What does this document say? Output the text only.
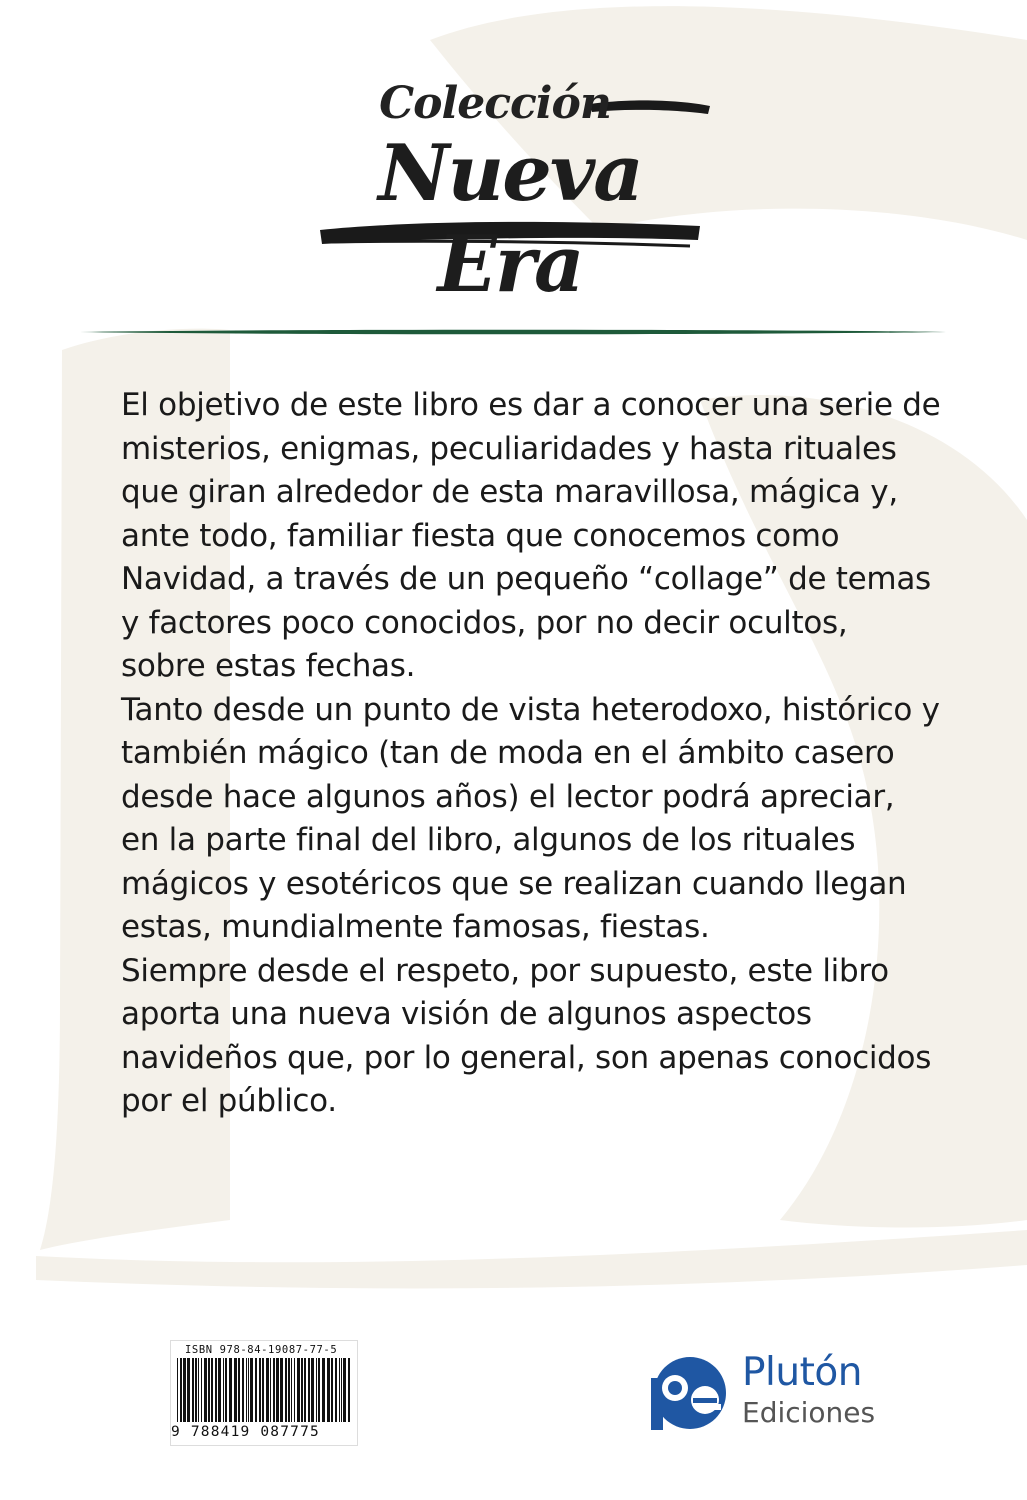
Colección
Nueva Era

El objetivo de este libro es dar a conocer una serie de misterios, enigmas, peculiaridades y hasta rituales que giran alrededor de esta maravillosa, mágica y, ante todo, familiar fiesta que conocemos como Navidad, a través de un pequeño “collage” de temas y factores poco conocidos, por no decir ocultos, sobre estas fechas.

Tanto desde un punto de vista heterodoxo, histórico y también mágico (tan de moda en el ámbito casero desde hace algunos años) el lector podrá apreciar, en la parte final del libro, algunos de los rituales mágicos y esotéricos que se realizan cuando llegan estas, mundialmente famosas, fiestas.

Siempre desde el respeto, por supuesto, este libro aporta una nueva visión de algunos aspectos navideños que, por lo general, son apenas conocidos por el público.

ISBN 978-84-19087-77-5
9 788419 087775
Plutón
Ediciones
